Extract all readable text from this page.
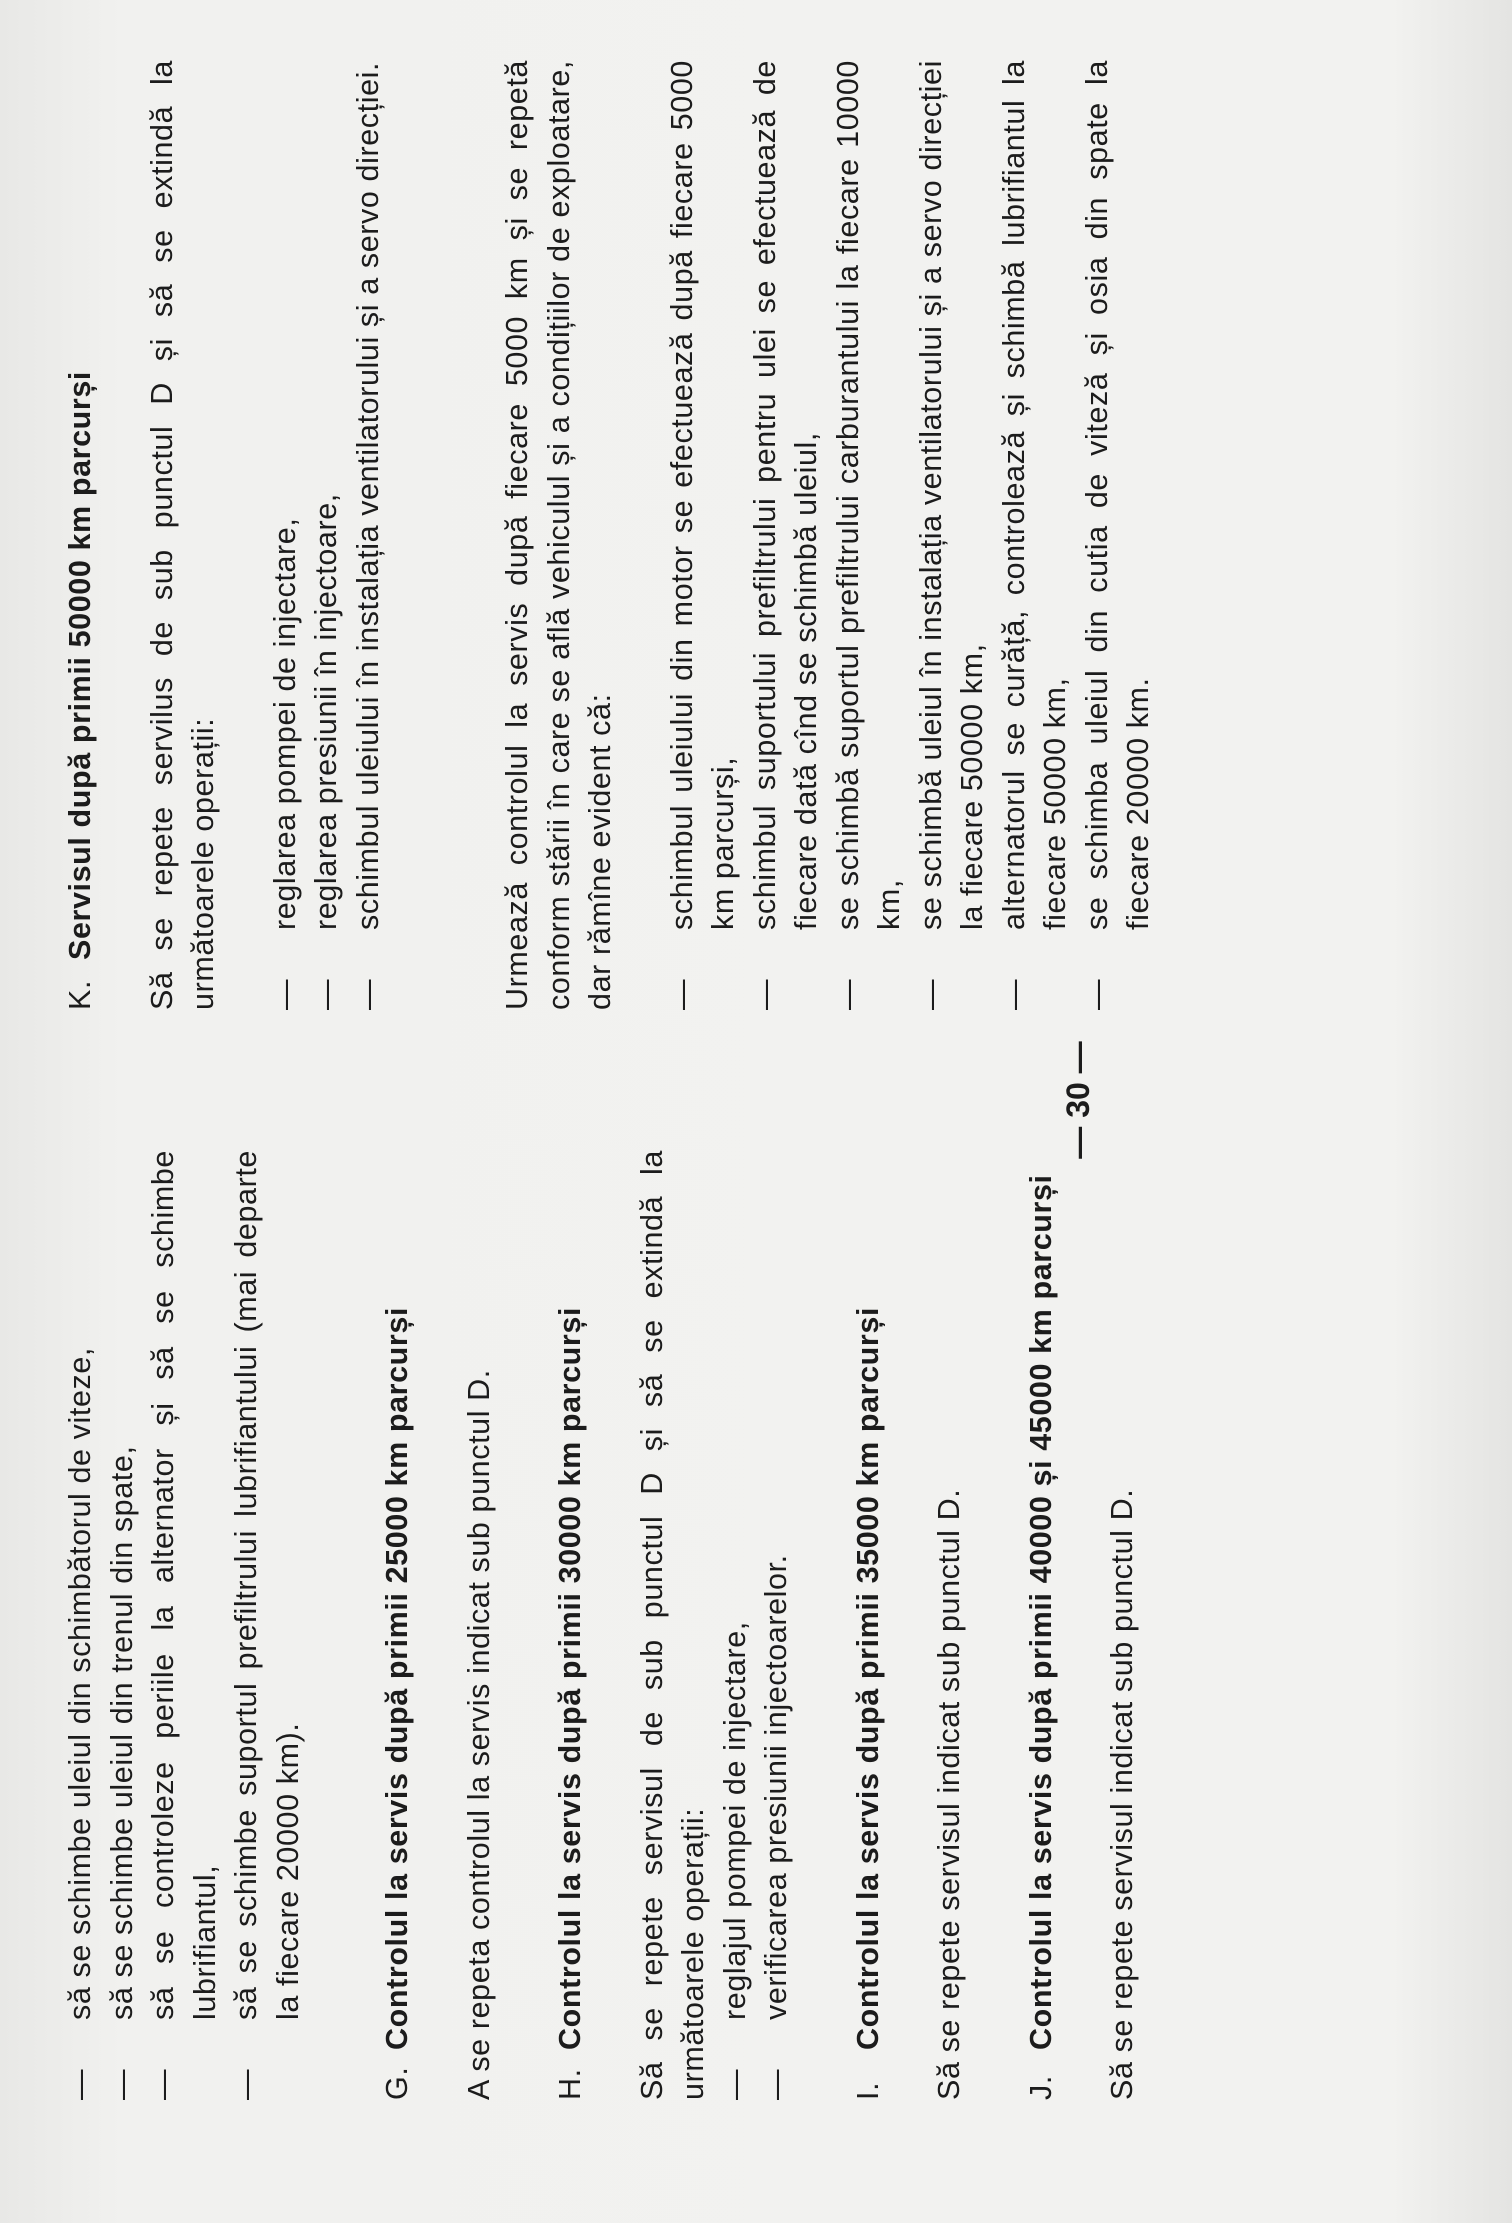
—
să se schimbe uleiul din schimbătorul de viteze,
—
să se schimbe uleiul din trenul din spate,
—
să se controleze periile la alternator și să se schimbe lubrifiantul,
—
să se schimbe suportul prefiltrului lubrifiantului (mai departe la fiecare 20000 km).
G.
Controlul la servis după primii 25000 km parcurși A se repeta controlul la servis indicat sub punctul D. H.
Controlul la servis după primii 30000 km parcurși Să se repete servisul de sub punctul D și să se extindă la următoarele operații: —
reglajul pompei de injectare,
—
verificarea presiunii injectoarelor.
I.
Controlul la servis după primii 35000 km parcurși Să se repete servisul indicat sub punctul D. J.
Controlul la servis după primii 40000 și 45000 km parcurși Să se repete servisul indicat sub punctul D.

— 30 —
K.
Servisul după primii 50000 km parcurși Să se repete servilus de sub punctul D și să se extindă la următoarele operații: —
reglarea pompei de injectare,
—
reglarea presiunii în injectoare,
—
schimbul uleiului în instalația ventilatorului și a servo direcției.	Urmează controlul la servis după fiecare 5000 km și se repetă conform stării în care se află vehiculul și a condițiilor de exploatare, dar rămîne evident că: —
schimbul uleiului din motor se efectuează după fiecare 5000 km parcurși,
—
schimbul suportului prefiltrului pentru ulei se efectuează de fiecare dată cînd se schimbă uleiul,
—
se schimbă suportul prefiltrului carburantului la fiecare 10000 km,
—
se schimbă uleiul în instalația ventilatorului și a servo direcției la fiecare 50000 km,
—
alternatorul se curăță, controlează și schimbă lubrifiantul la fiecare 50000 km,
—
se schimba uleiul din cutia de viteză și osia din spate la fiecare 20000 km.
